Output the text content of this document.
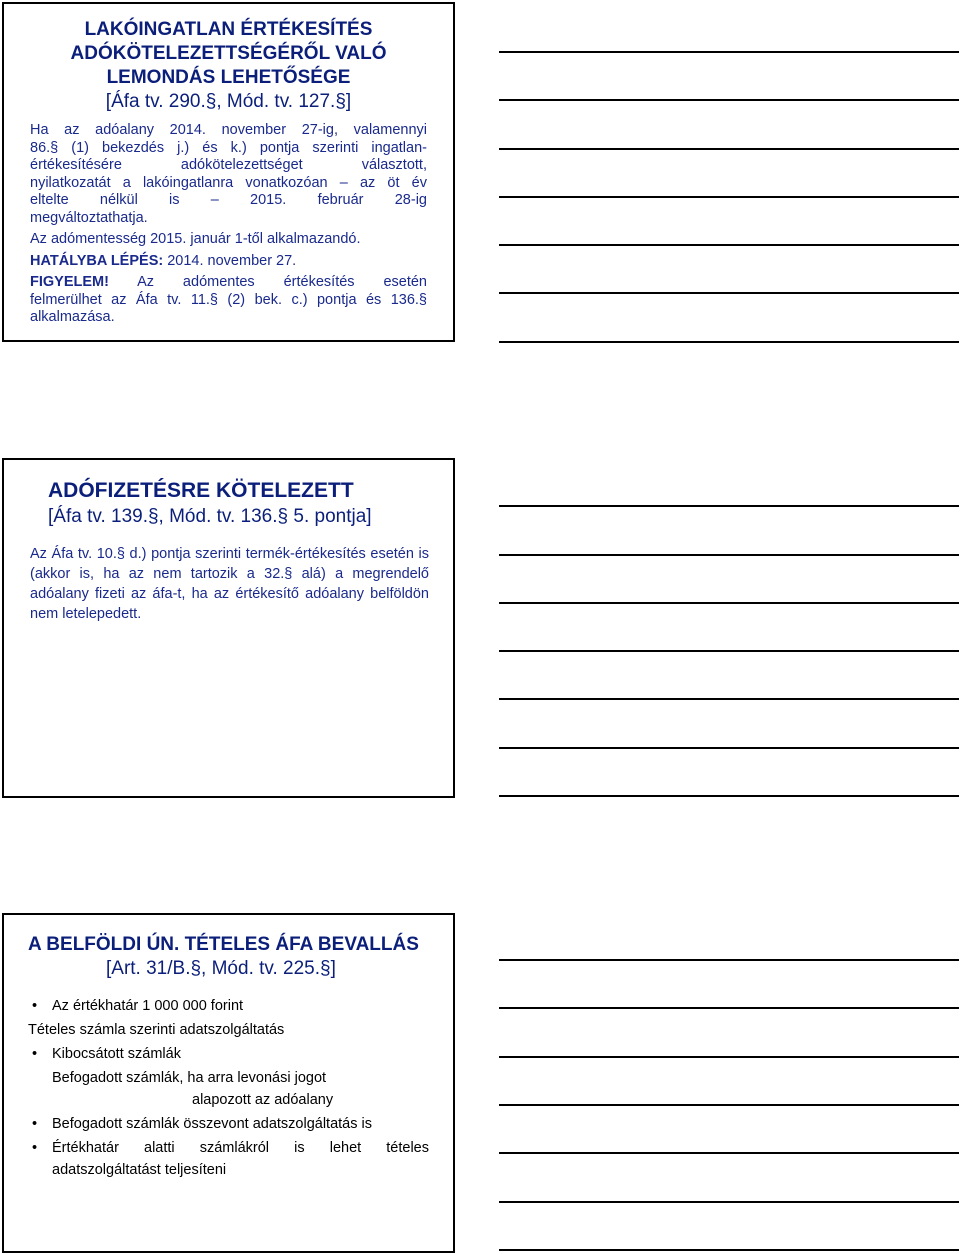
LAKÓINGATLAN ÉRTÉKESÍTÉS
ADÓKÖTELEZETTSÉGÉRŐL VALÓ
LEMONDÁS LEHETŐSÉGE
[Áfa tv. 290.§, Mód. tv. 127.§]

Ha az adóalany 2014. november 27-ig, valamennyi
86.§ (1) bekezdés j.) és k.) pontja szerinti ingatlan-
értékesítésére adókötelezettséget választott,
nyilatkozatát a lakóingatlanra vonatkozóan – az öt év
eltelte nélkül is – 2015. február 28-ig
megváltoztathatja.

Az adómentesség 2015. január 1-től alkalmazandó.

HATÁLYBA LÉPÉS: 2014. november 27.

FIGYELEM! Az adómentes értékesítés esetén
felmerülhet az Áfa tv. 11.§ (2) bek. c.) pontja és 136.§
alkalmazása.

ADÓFIZETÉSRE KÖTELEZETT
[Áfa tv. 139.§, Mód. tv. 136.§ 5. pontja]
Az Áfa tv. 10.§ d.) pontja szerinti termék-értékesítés esetén is (akkor is, ha az nem tartozik a 32.§ alá) a megrendelő adóalany fizeti az áfa-t, ha az értékesítő adóalany belföldön nem letelepedett.
A BELFÖLDI ÚN. TÉTELES ÁFA BEVALLÁS
[Art. 31/B.§, Mód. tv. 225.§]

• Az értékhatár 1 000 000 forint

Tételes számla szerinti adatszolgáltatás

• Kibocsátott számlák

Befogadott számlák, ha arra levonási jogot

alapozott az adóalany

• Befogadott számlák összevont adatszolgáltatás is

• Értékhatár alatti számlákról is lehet tételes

adatszolgáltatást teljesíteni
